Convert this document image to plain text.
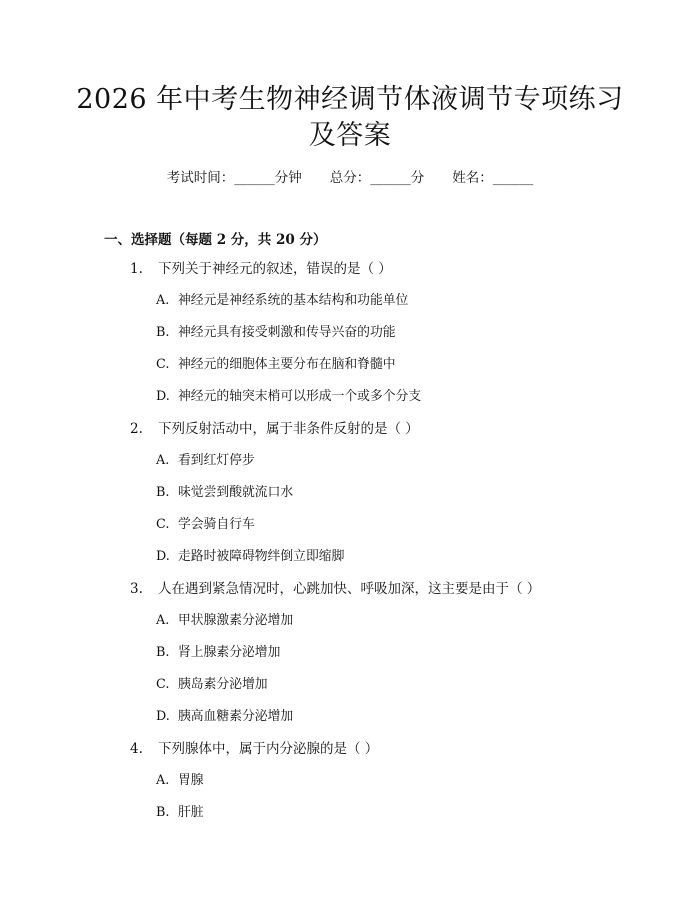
2026 年中考生物神经调节体液调节专项练习
及答案
考试时间：______分钟 总分：______分 姓名：______
一、选择题（每题 2 分，共 20 分）
1. 下列关于神经元的叙述，错误的是（ ）
A. 神经元是神经系统的基本结构和功能单位
B. 神经元具有接受刺激和传导兴奋的功能
C. 神经元的细胞体主要分布在脑和脊髓中
D. 神经元的轴突末梢可以形成一个或多个分支
2. 下列反射活动中，属于非条件反射的是（ ）
A. 看到红灯停步
B. 味觉尝到酸就流口水
C. 学会骑自行车
D. 走路时被障碍物绊倒立即缩脚
3. 人在遇到紧急情况时，心跳加快、呼吸加深，这主要是由于（ ）
A. 甲状腺激素分泌增加
B. 肾上腺素分泌增加
C. 胰岛素分泌增加
D. 胰高血糖素分泌增加
4. 下列腺体中，属于内分泌腺的是（ ）
A. 胃腺
B. 肝脏
